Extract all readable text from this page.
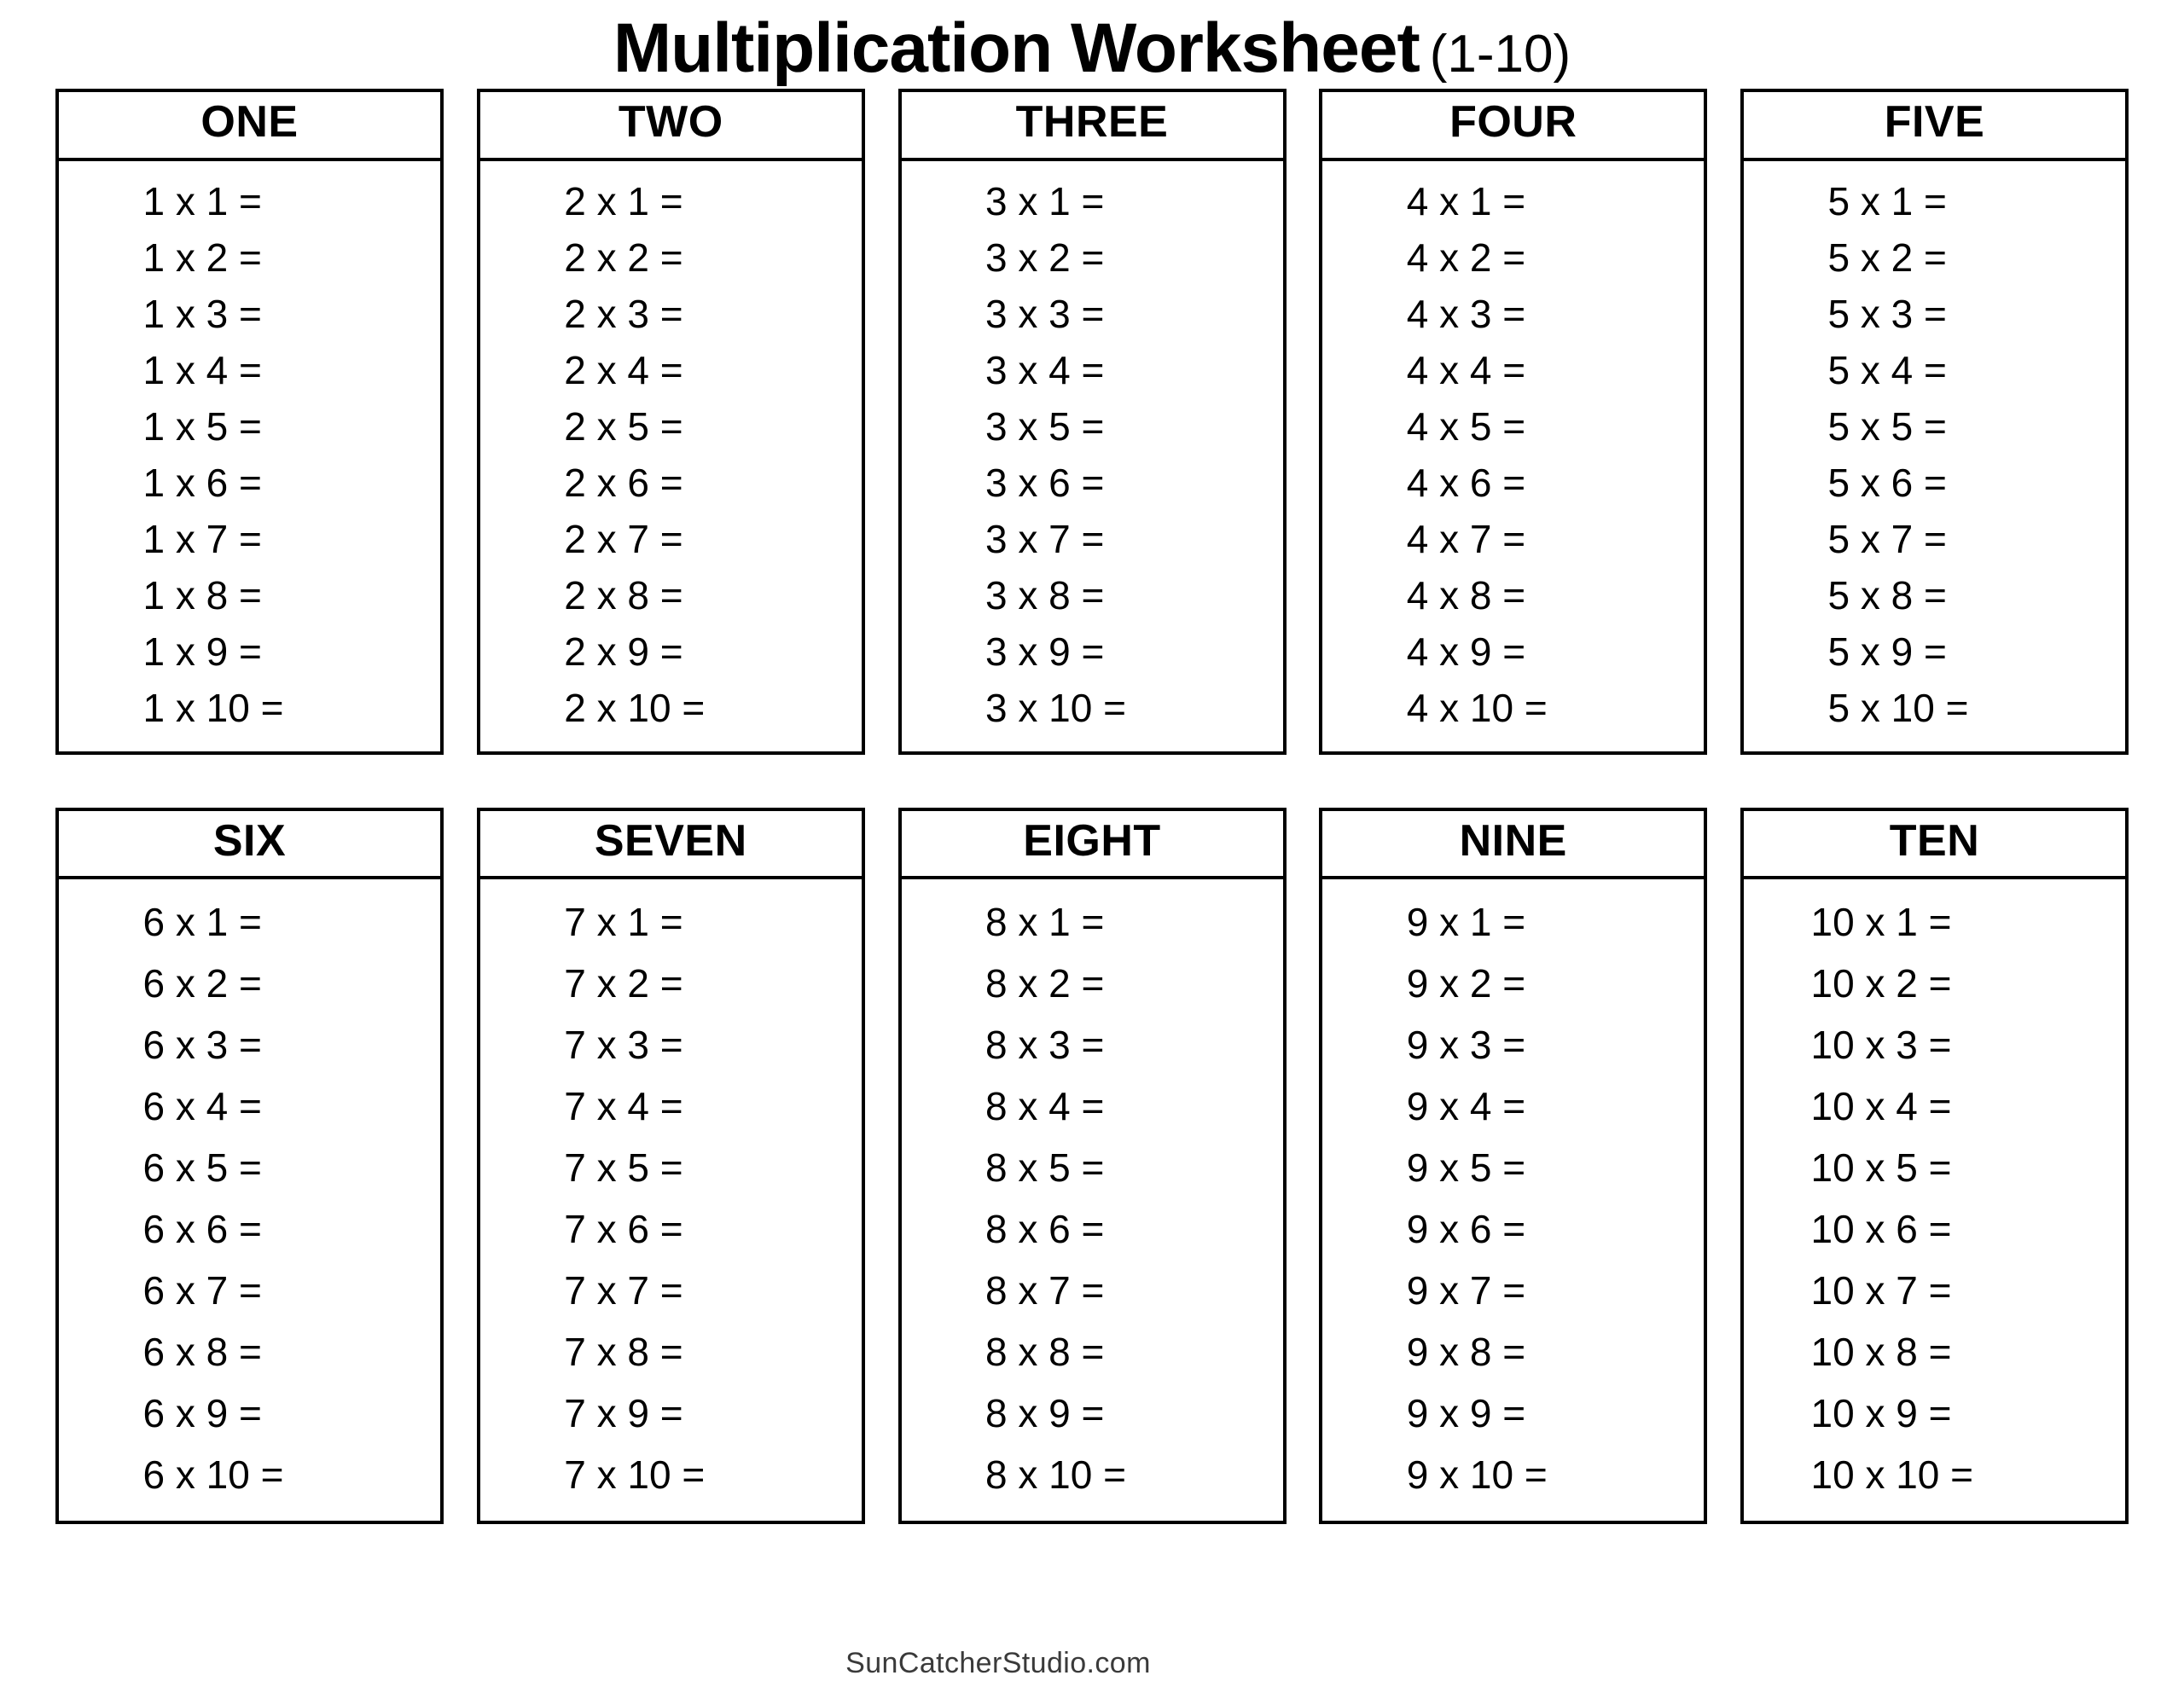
Multiplication Worksheet (1-10)
ONE
1 x 1 =
1 x 2 =
1 x 3 =
1 x 4 =
1 x 5 =
1 x 6 =
1 x 7 =
1 x 8 =
1 x 9 =
1 x 10 =
TWO
2 x 1 =
2 x 2 =
2 x 3 =
2 x 4 =
2 x 5 =
2 x 6 =
2 x 7 =
2 x 8 =
2 x 9 =
2 x 10 =
THREE
3 x 1 =
3 x 2 =
3 x 3 =
3 x 4 =
3 x 5 =
3 x 6 =
3 x 7 =
3 x 8 =
3 x 9 =
3 x 10 =
FOUR
4 x 1 =
4 x 2 =
4 x 3 =
4 x 4 =
4 x 5 =
4 x 6 =
4 x 7 =
4 x 8 =
4 x 9 =
4 x 10 =
FIVE
5 x 1 =
5 x 2 =
5 x 3 =
5 x 4 =
5 x 5 =
5 x 6 =
5 x 7 =
5 x 8 =
5 x 9 =
5 x 10 =
SIX
6 x 1 =
6 x 2 =
6 x 3 =
6 x 4 =
6 x 5 =
6 x 6 =
6 x 7 =
6 x 8 =
6 x 9 =
6 x 10 =
SEVEN
7 x 1 =
7 x 2 =
7 x 3 =
7 x 4 =
7 x 5 =
7 x 6 =
7 x 7 =
7 x 8 =
7 x 9 =
7 x 10 =
EIGHT
8 x 1 =
8 x 2 =
8 x 3 =
8 x 4 =
8 x 5 =
8 x 6 =
8 x 7 =
8 x 8 =
8 x 9 =
8 x 10 =
NINE
9 x 1 =
9 x 2 =
9 x 3 =
9 x 4 =
9 x 5 =
9 x 6 =
9 x 7 =
9 x 8 =
9 x 9 =
9 x 10 =
TEN
10 x 1 =
10 x 2 =
10 x 3 =
10 x 4 =
10 x 5 =
10 x 6 =
10 x 7 =
10 x 8 =
10 x 9 =
10 x 10 =
SunCatcherStudio.com
